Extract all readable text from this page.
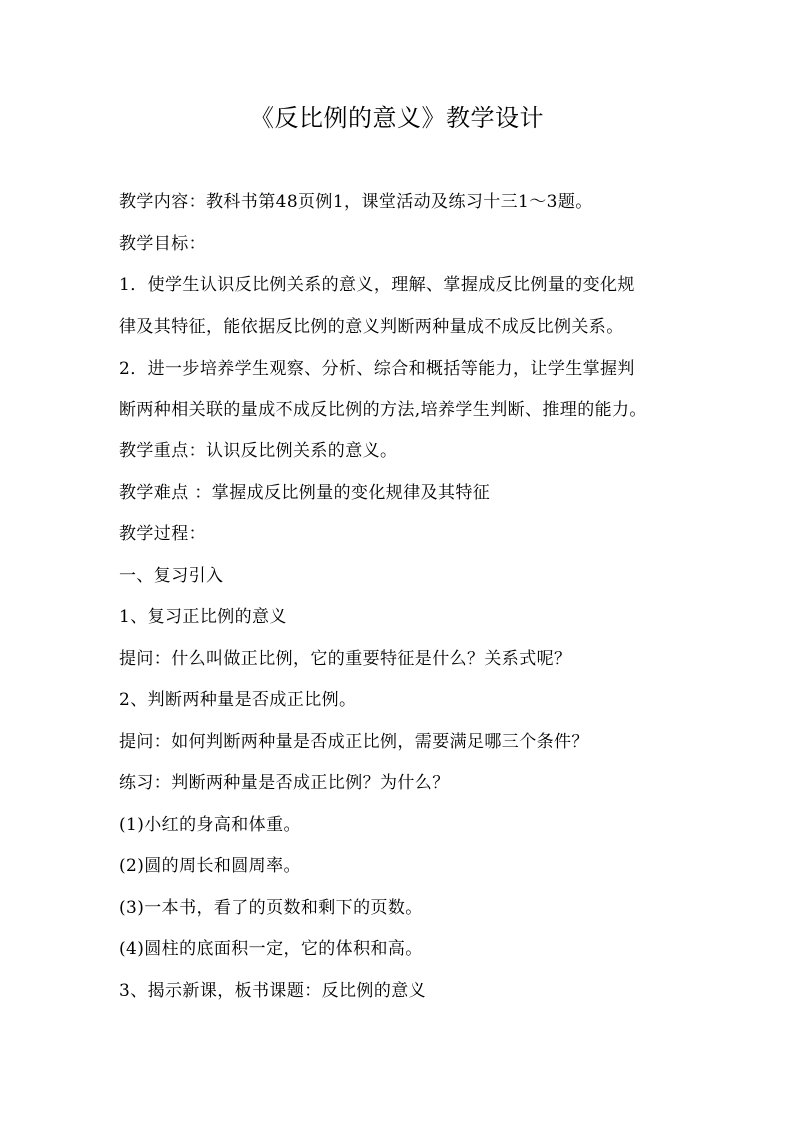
《反比例的意义》教学设计
教学内容：教科书第48页例1，课堂活动及练习十三1～3题。
教学目标：
1．使学生认识反比例关系的意义，理解、掌握成反比例量的变化规
律及其特征，能依据反比例的意义判断两种量成不成反比例关系。
2．进一步培养学生观察、分析、综合和概括等能力，让学生掌握判
断两种相关联的量成不成反比例的方法,培养学生判断、推理的能力。
教学重点：认识反比例关系的意义。
教学难点 ：掌握成反比例量的变化规律及其特征
教学过程：
一、复习引入
1、复习正比例的意义
提问：什么叫做正比例，它的重要特征是什么？关系式呢？
2、判断两种量是否成正比例。
提问：如何判断两种量是否成正比例，需要满足哪三个条件？
练习：判断两种量是否成正比例？为什么？
(1)小红的身高和体重。
(2)圆的周长和圆周率。
(3)一本书，看了的页数和剩下的页数。
(4)圆柱的底面积一定，它的体积和高。
3、揭示新课，板书课题：反比例的意义
